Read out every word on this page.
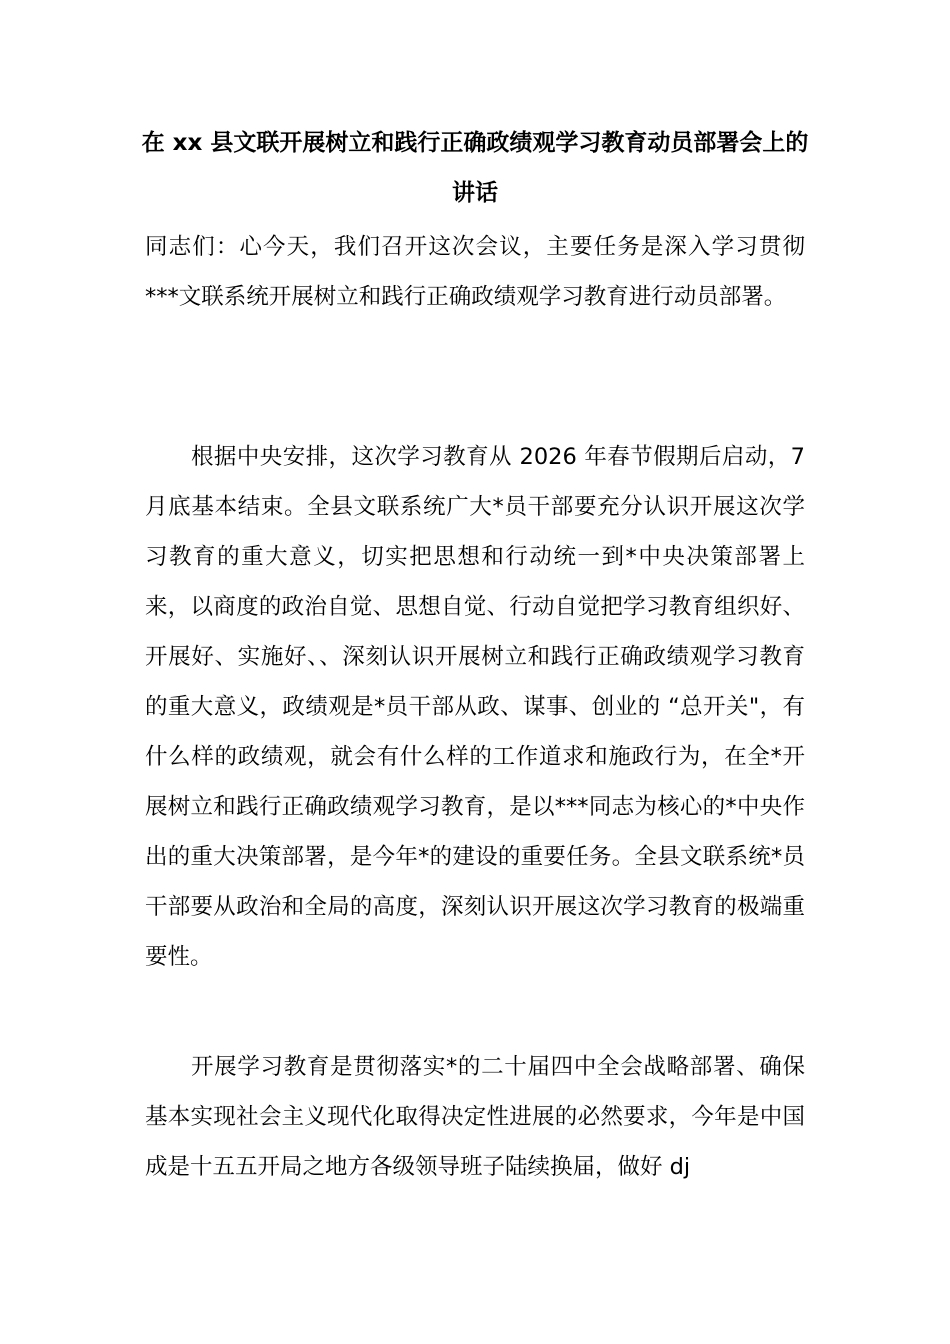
在 xx 县文联开展树立和践行正确政绩观学习教育动员部署会上的讲话

同志们：心今天，我们召开这次会议，主要任务是深入学习贯彻***文联系统开展树立和践行正确政绩观学习教育进行动员部署。

根据中央安排，这次学习教育从 2026 年春节假期后启动，7 月底基本结束。全县文联系统广大*员干部要充分认识开展这次学习教育的重大意义，切实把思想和行动统一到*中央决策部署上来，以商度的政治自觉、思想自觉、行动自觉把学习教育组织好、开展好、实施好、、深刻认识开展树立和践行正确政绩观学习教育的重大意义，政绩观是*员干部从政、谋事、创业的 “总开关"，有什么样的政绩观，就会有什么样的工作道求和施政行为，在全*开展树立和践行正确政绩观学习教育，是以***同志为核心的*中央作出的重大决策部署，是今年*的建设的重要任务。全县文联系统*员干部要从政治和全局的高度，深刻认识开展这次学习教育的极端重要性。

开展学习教育是贯彻落实*的二十届四中全会战略部署、确保基本实现社会主义现代化取得决定性进展的必然要求，今年是中国成是十五五开局之地方各级领导班子陆续换届，做好 dj
